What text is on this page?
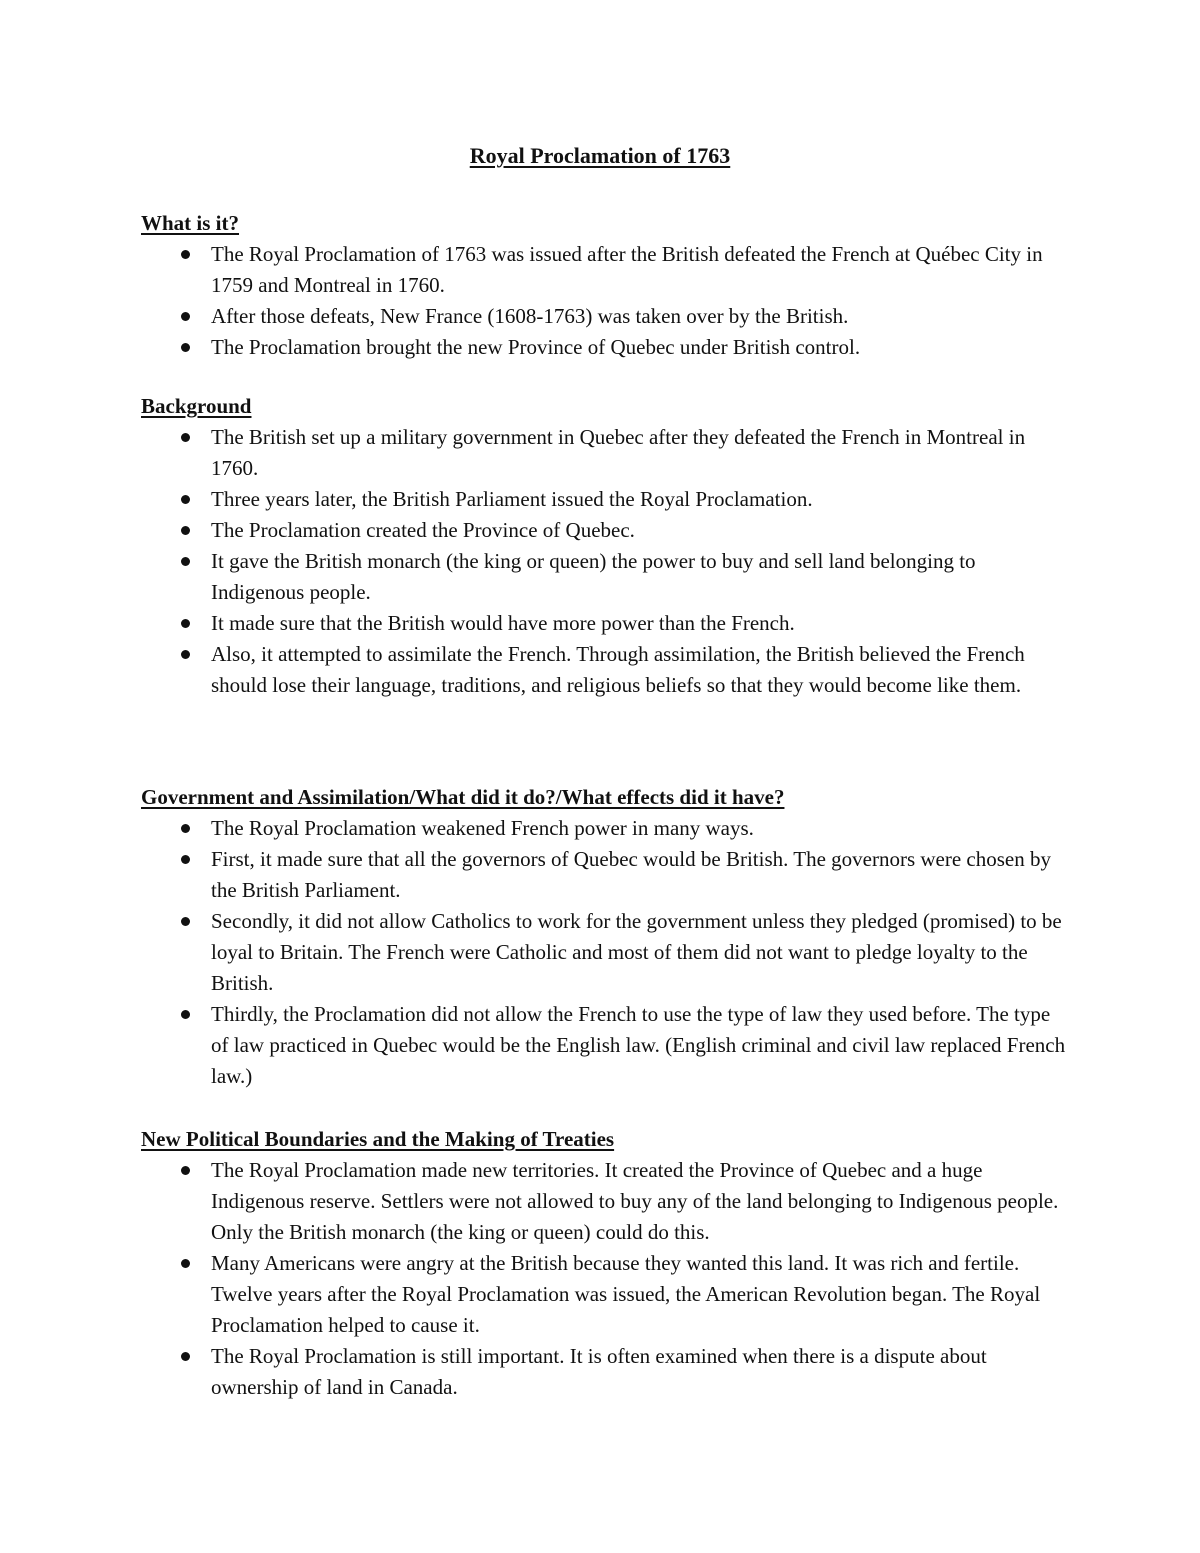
Royal Proclamation of 1763

What is it?

The Royal Proclamation of 1763 was issued after the British defeated the French at Québec City in 1759 and Montreal in 1760.
After those defeats, New France (1608-1763) was taken over by the British.
The Proclamation brought the new Province of Quebec under British control.

Background

The British set up a military government in Quebec after they defeated the French in Montreal in 1760.
Three years later, the British Parliament issued the Royal Proclamation.
The Proclamation created the Province of Quebec.
It gave the British monarch (the king or queen) the power to buy and sell land belonging to Indigenous people.
It made sure that the British would have more power than the French.
Also, it attempted to assimilate the French. Through assimilation, the British believed the French should lose their language, traditions, and religious beliefs so that they would become like them.

Government and Assimilation/What did it do?/What effects did it have?

The Royal Proclamation weakened French power in many ways.
First, it made sure that all the governors of Quebec would be British. The governors were chosen by the British Parliament.
Secondly, it did not allow Catholics to work for the government unless they pledged (promised) to be loyal to Britain. The French were Catholic and most of them did not want to pledge loyalty to the British.
Thirdly, the Proclamation did not allow the French to use the type of law they used before. The type of law practiced in Quebec would be the English law. (English criminal and civil law replaced French law.)

New Political Boundaries and the Making of Treaties

The Royal Proclamation made new territories. It created the Province of Quebec and a huge Indigenous reserve. Settlers were not allowed to buy any of the land belonging to Indigenous people. Only the British monarch (the king or queen) could do this.
Many Americans were angry at the British because they wanted this land. It was rich and fertile. Twelve years after the Royal Proclamation was issued, the American Revolution began. The Royal Proclamation helped to cause it.
The Royal Proclamation is still important. It is often examined when there is a dispute about ownership of land in Canada.
